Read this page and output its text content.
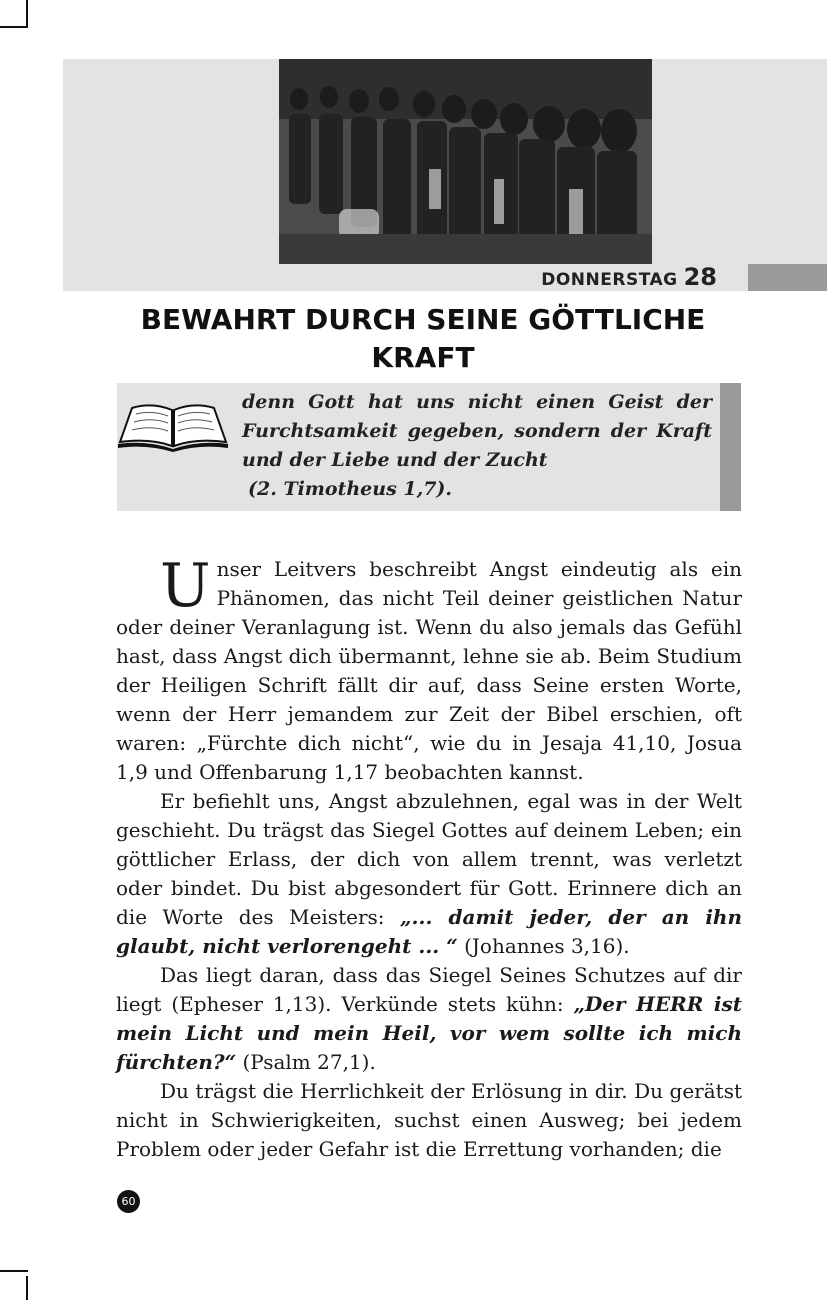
DONNERSTAG 28
BEWAHRT DURCH SEINE GÖTTLICHE
KRAFT
denn Gott hat uns nicht einen Geist der Furchtsamkeit gegeben, sondern der Kraft und der Liebe und der Zucht
(2. Timotheus 1,7).

Unser Leitvers beschreibt Angst eindeutig als ein Phänomen, das nicht Teil deiner geistlichen Natur oder deiner Veranlagung ist. Wenn du also jemals das Gefühl hast, dass Angst dich übermannt, lehne sie ab. Beim Studium der Heiligen Schrift fällt dir auf, dass Seine ersten Worte, wenn der Herr jemandem zur Zeit der Bibel erschien, oft waren: „Fürchte dich nicht“, wie du in Jesaja 41,10, Josua 1,9 und Offenbarung 1,17 beobachten kannst.

Er befiehlt uns, Angst abzulehnen, egal was in der Welt geschieht. Du trägst das Siegel Gottes auf deinem Leben; ein göttlicher Erlass, der dich von allem trennt, was verletzt oder bindet. Du bist abgesondert für Gott. Erinnere dich an die Worte des Meisters: „... damit jeder, der an ihn glaubt, nicht verlorengeht ... “ (Johannes 3,16).

Das liegt daran, dass das Siegel Seines Schutzes auf dir liegt (Epheser 1,13). Verkünde stets kühn: „Der HERR ist mein Licht und mein Heil, vor wem sollte ich mich fürchten?“ (Psalm 27,1).

Du trägst die Herrlichkeit der Erlösung in dir. Du gerätst nicht in Schwierigkeiten, suchst einen Ausweg; bei jedem Problem oder jeder Gefahr ist die Errettung vorhanden; die

60
